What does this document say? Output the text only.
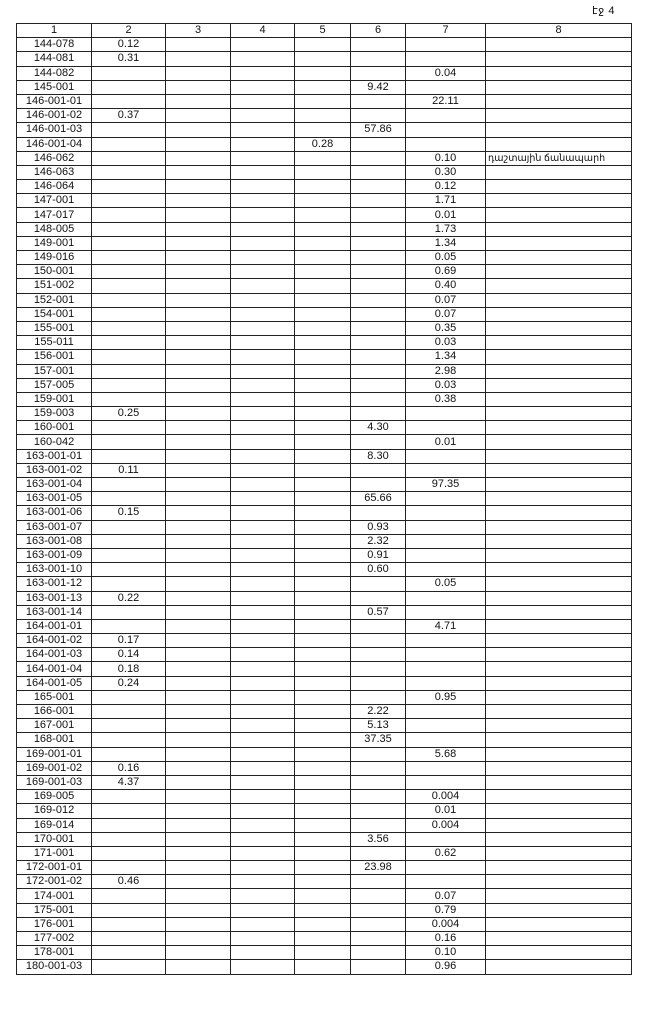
էջ 4
1	2	3	4	5	6	7	8
144-078	0.12						
144-081	0.31						
144-082						0.04	
145-001					9.42		
146-001-01						22.11	
146-001-02	0.37						
146-001-03					57.86		
146-001-04				0.28			
146-062						0.10	դաշտային ճանապարհ
146-063						0.30	
146-064						0.12	
147-001						1.71	
147-017						0.01	
148-005						1.73	
149-001						1.34	
149-016						0.05	
150-001						0.69	
151-002						0.40	
152-001						0.07	
154-001						0.07	
155-001						0.35	
155-011						0.03	
156-001						1.34	
157-001						2.98	
157-005						0.03	
159-001						0.38	
159-003	0.25						
160-001					4.30		
160-042						0.01	
163-001-01					8.30		
163-001-02	0.11						
163-001-04						97.35	
163-001-05					65.66		
163-001-06	0.15						
163-001-07					0.93		
163-001-08					2.32		
163-001-09					0.91		
163-001-10					0.60		
163-001-12						0.05	
163-001-13	0.22						
163-001-14					0.57		
164-001-01						4.71	
164-001-02	0.17						
164-001-03	0.14						
164-001-04	0.18						
164-001-05	0.24						
165-001						0.95	
166-001					2.22		
167-001					5.13		
168-001					37.35		
169-001-01						5.68	
169-001-02	0.16						
169-001-03	4.37						
169-005						0.004	
169-012						0.01	
169-014						0.004	
170-001					3.56		
171-001						0.62	
172-001-01					23.98		
172-001-02	0.46						
174-001						0.07	
175-001						0.79	
176-001						0.004	
177-002						0.16	
178-001						0.10	
180-001-03						0.96	
